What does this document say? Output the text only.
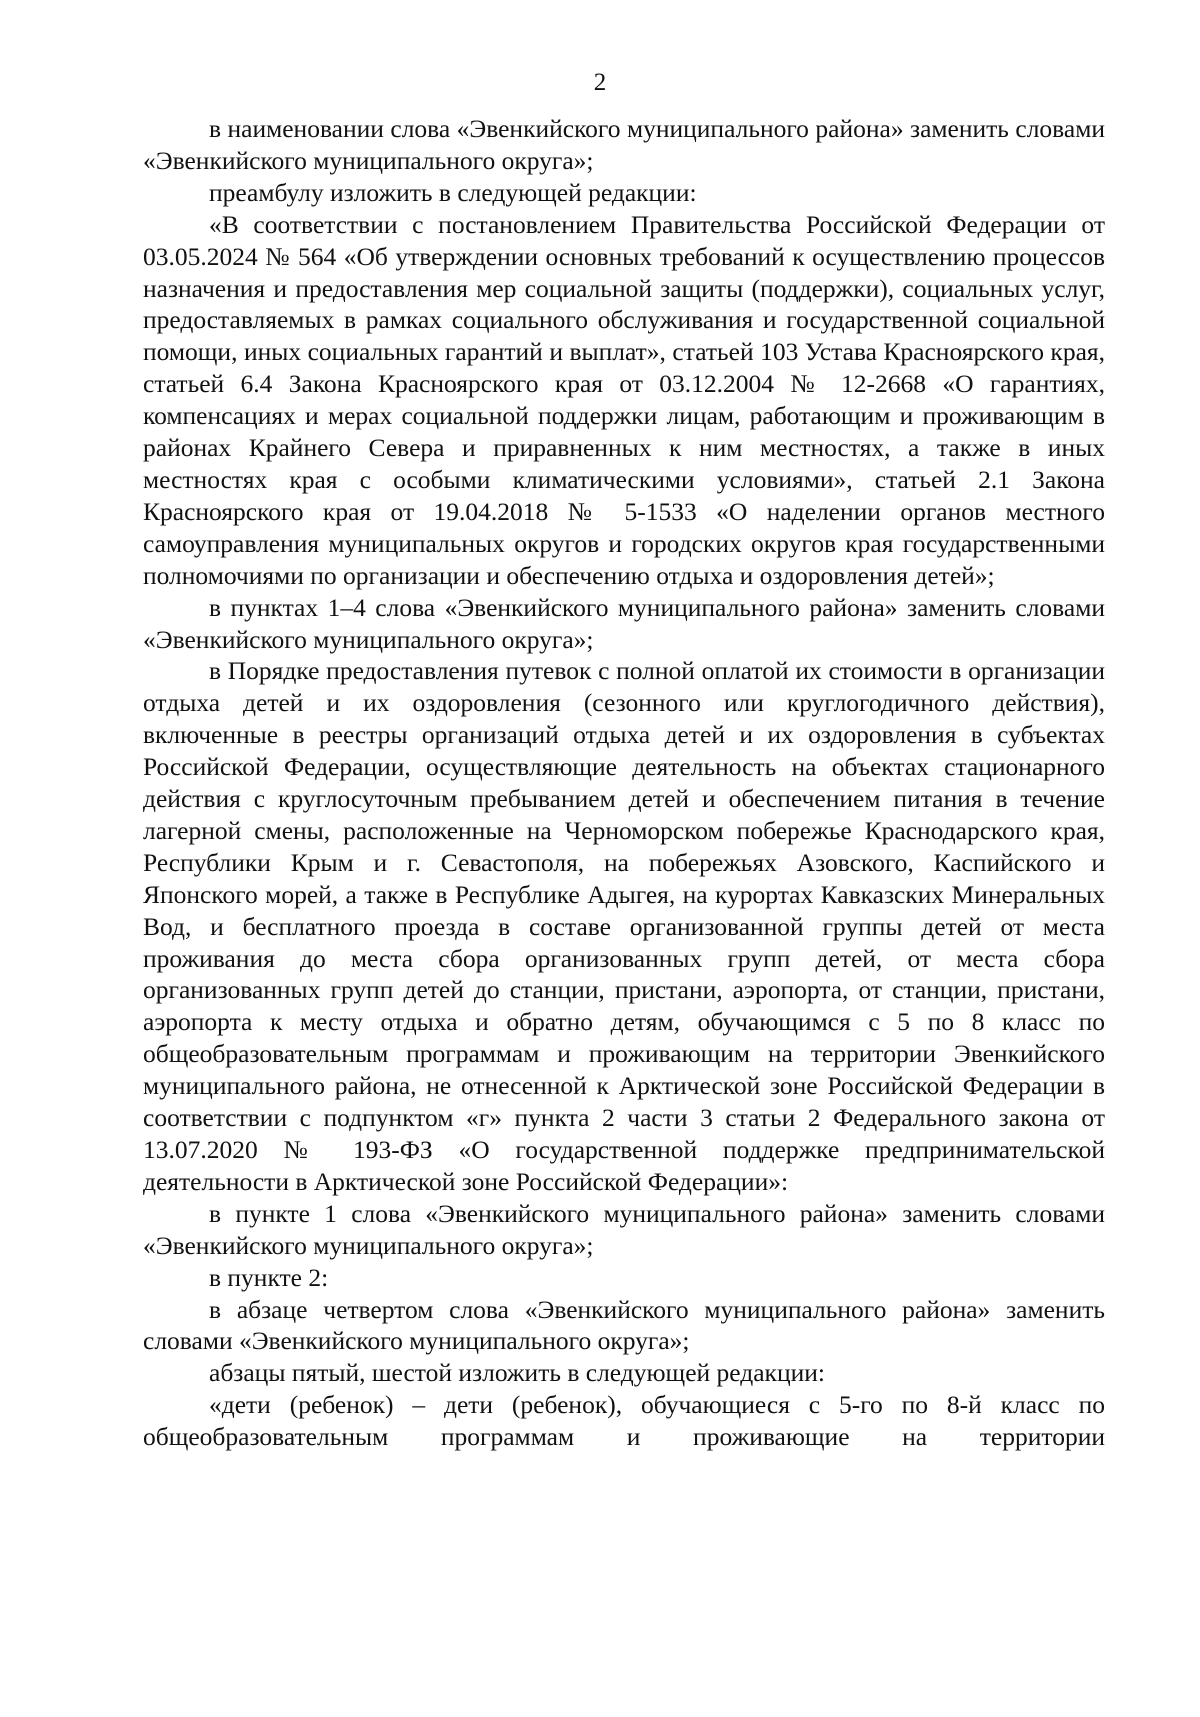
2

в наименовании слова «Эвенкийского муниципального района» заменить словами «Эвенкийского муниципального округа»;

преамбулу изложить в следующей редакции:

«В соответствии с постановлением Правительства Российской Федерации от 03.05.2024 № 564 «Об утверждении основных требований к осуществлению процессов назначения и предоставления мер социальной защиты (поддержки), социальных услуг, предоставляемых в рамках социального обслуживания и государственной социальной помощи, иных социальных гарантий и выплат», статьей 103 Устава Красноярского края, статьей 6.4 Закона Красноярского края от 03.12.2004 № 12-2668 «О гарантиях, компенсациях и мерах социальной поддержки лицам, работающим и проживающим в районах Крайнего Севера и приравненных к ним местностях, а также в иных местностях края с особыми климатическими условиями», статьей 2.1 Закона Красноярского края от 19.04.2018 № 5-1533 «О наделении органов местного самоуправления муниципальных округов и городских округов края государственными полномочиями по организации и обеспечению отдыха и оздоровления детей»;

в пунктах 1–4 слова «Эвенкийского муниципального района» заменить словами «Эвенкийского муниципального округа»;

в Порядке предоставления путевок с полной оплатой их стоимости в организации отдыха детей и их оздоровления (сезонного или круглогодичного действия), включенные в реестры организаций отдыха детей и их оздоровления в субъектах Российской Федерации, осуществляющие деятельность на объектах стационарного действия с круглосуточным пребыванием детей и обеспечением питания в течение лагерной смены, расположенные на Черноморском побережье Краснодарского края, Республики Крым и г. Севастополя, на побережьях Азовского, Каспийского и Японского морей, а также в Республике Адыгея, на курортах Кавказских Минеральных Вод, и бесплатного проезда в составе организованной группы детей от места проживания до места сбора организованных групп детей, от места сбора организованных групп детей до станции, пристани, аэропорта, от станции, пристани, аэропорта к месту отдыха и обратно детям, обучающимся с 5 по 8 класс по общеобразовательным программам и проживающим на территории Эвенкийского муниципального района, не отнесенной к Арктической зоне Российской Федерации в соответствии с подпунктом «г» пункта 2 части 3 статьи 2 Федерального закона от 13.07.2020 № 193-ФЗ «О государственной поддержке предпринимательской деятельности в Арктической зоне Российской Федерации»:

в пункте 1 слова «Эвенкийского муниципального района» заменить словами «Эвенкийского муниципального округа»;

в пункте 2:

в абзаце четвертом слова «Эвенкийского муниципального района» заменить словами «Эвенкийского муниципального округа»;

абзацы пятый, шестой изложить в следующей редакции:

«дети (ребенок) – дети (ребенок), обучающиеся с 5-го по 8-й класс по общеобразовательным программам и проживающие на территории
